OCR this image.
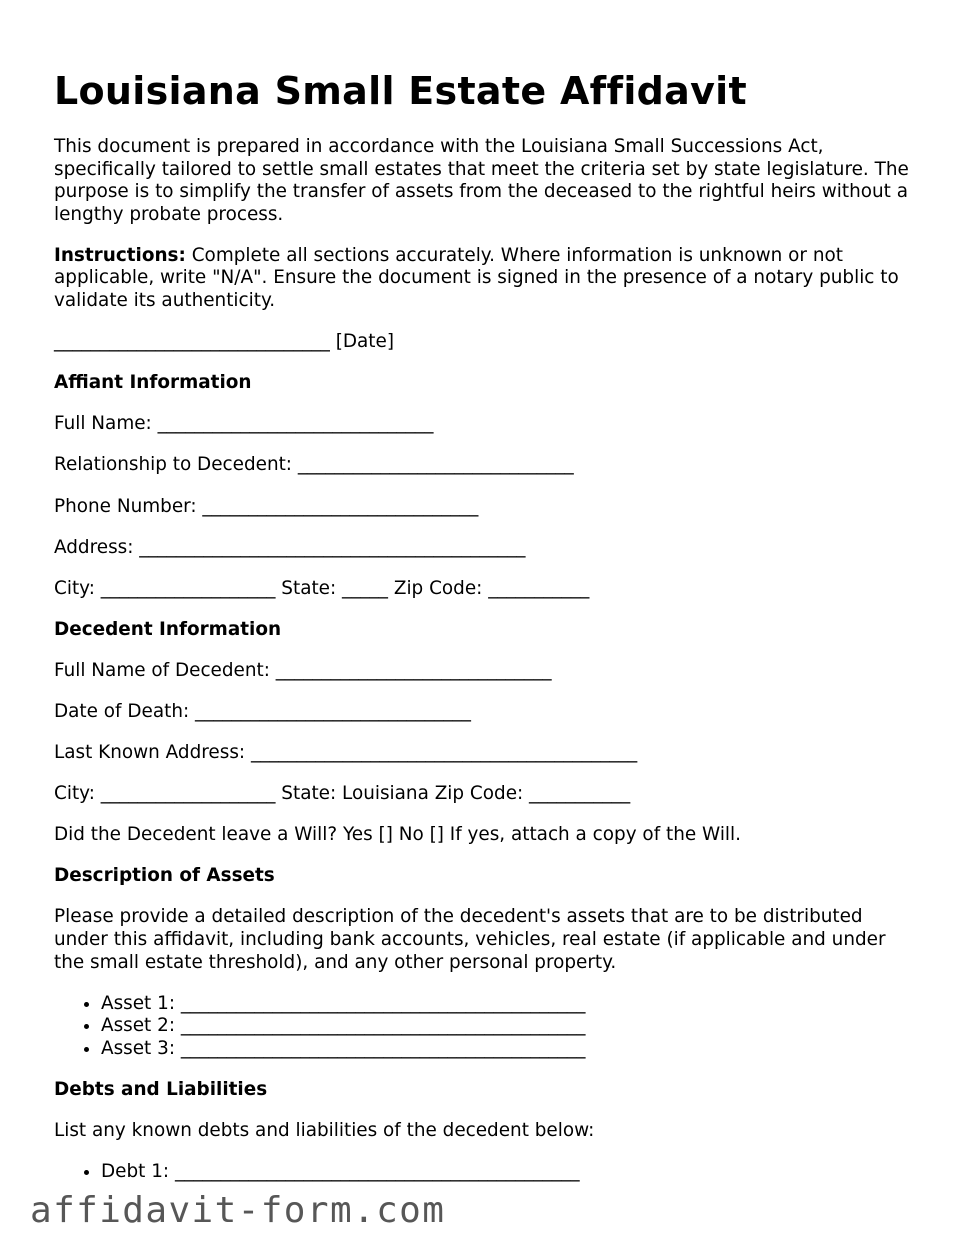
Louisiana Small Estate Affidavit

This document is prepared in accordance with the Louisiana Small Successions Act, specifically tailored to settle small estates that meet the criteria set by state legislature. The purpose is to simplify the transfer of assets from the deceased to the rightful heirs without a lengthy probate process.

Instructions: Complete all sections accurately. Where information is unknown or not applicable, write "N/A". Ensure the document is signed in the presence of a notary public to validate its authenticity.

______________________________ [Date]

Affiant Information

Full Name: ______________________________

Relationship to Decedent: ______________________________

Phone Number: ______________________________

Address: __________________________________________

City: ___________________ State: _____ Zip Code: ___________

Decedent Information

Full Name of Decedent: ______________________________

Date of Death: ______________________________

Last Known Address: __________________________________________

City: ___________________ State: Louisiana Zip Code: ___________

Did the Decedent leave a Will? Yes [] No [] If yes, attach a copy of the Will.

Description of Assets

Please provide a detailed description of the decedent's assets that are to be distributed under this affidavit, including bank accounts, vehicles, real estate (if applicable and under the small estate threshold), and any other personal property.

• Asset 1: ____________________________________________
• Asset 2: ____________________________________________
• Asset 3: ____________________________________________

Debts and Liabilities

List any known debts and liabilities of the decedent below:

• Debt 1: ____________________________________________
affidavit-form.com
